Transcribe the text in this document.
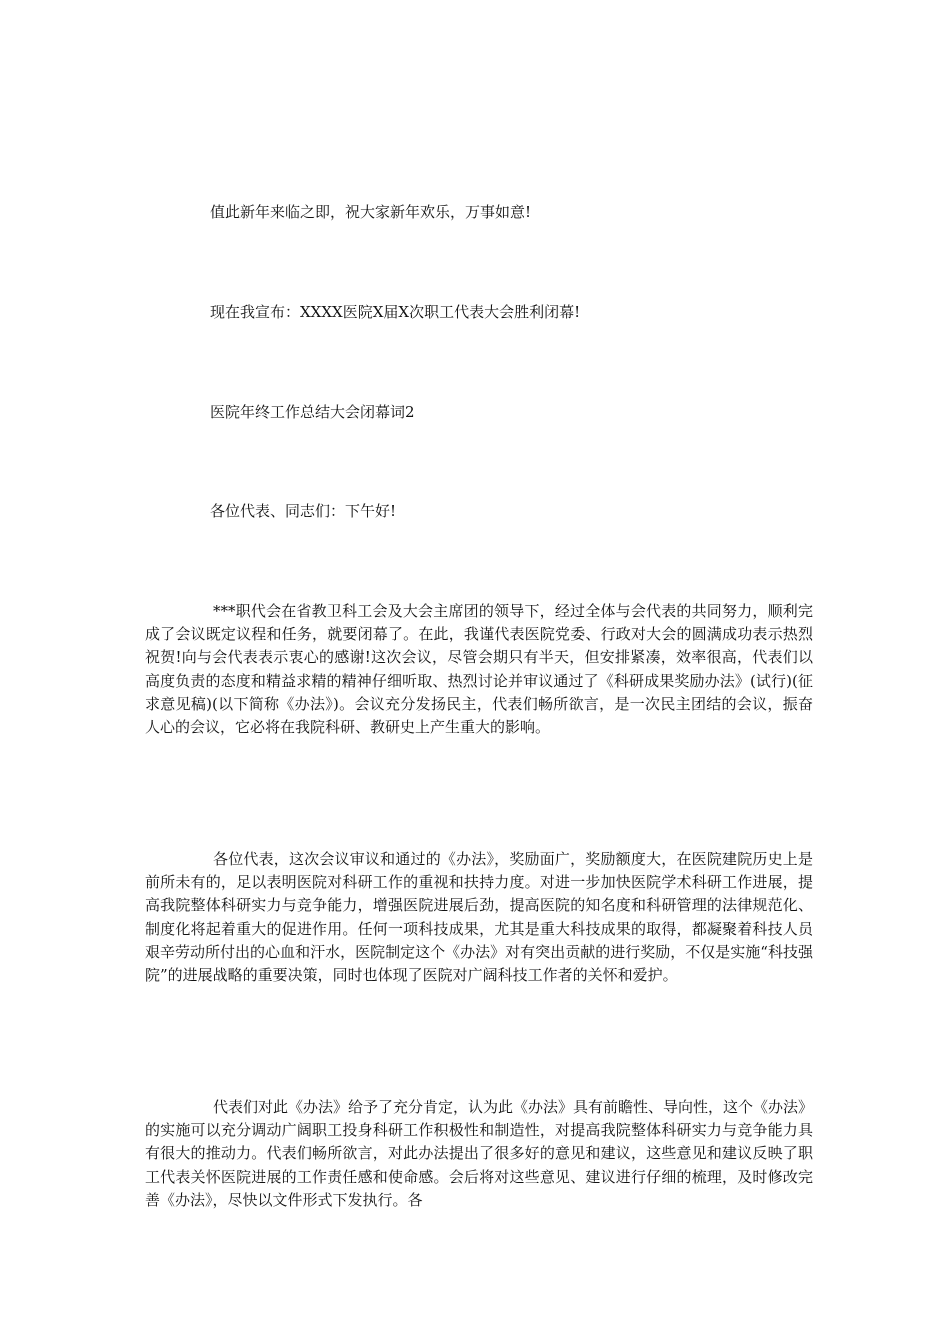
值此新年来临之即，祝大家新年欢乐，万事如意!
现在我宣布：XXXX医院X届X次职工代表大会胜利闭幕!
医院年终工作总结大会闭幕词2
各位代表、同志们：下午好!

***职代会在省教卫科工会及大会主席团的领导下，经过全体与会代表的共同努力，顺利完成了会议既定议程和任务，就要闭幕了。在此，我谨代表医院党委、行政对大会的圆满成功表示热烈祝贺!向与会代表表示衷心的感谢!这次会议，尽管会期只有半天，但安排紧凑，效率很高，代表们以高度负责的态度和精益求精的精神仔细听取、热烈讨论并审议通过了《科研成果奖励办法》(试行)(征求意见稿)(以下简称《办法》)。会议充分发扬民主，代表们畅所欲言，是一次民主团结的会议，振奋人心的会议，它必将在我院科研、教研史上产生重大的影响。

各位代表，这次会议审议和通过的《办法》，奖励面广，奖励额度大，在医院建院历史上是前所未有的，足以表明医院对科研工作的重视和扶持力度。对进一步加快医院学术科研工作进展，提高我院整体科研实力与竞争能力，增强医院进展后劲，提高医院的知名度和科研管理的法律规范化、制度化将起着重大的促进作用。任何一项科技成果，尤其是重大科技成果的取得，都凝聚着科技人员艰辛劳动所付出的心血和汗水，医院制定这个《办法》对有突出贡献的进行奖励，不仅是实施“科技强院”的进展战略的重要决策，同时也体现了医院对广阔科技工作者的关怀和爱护。

代表们对此《办法》给予了充分肯定，认为此《办法》具有前瞻性、导向性，这个《办法》的实施可以充分调动广阔职工投身科研工作积极性和制造性，对提高我院整体科研实力与竞争能力具有很大的推动力。代表们畅所欲言，对此办法提出了很多好的意见和建议，这些意见和建议反映了职工代表关怀医院进展的工作责任感和使命感。会后将对这些意见、建议进行仔细的梳理，及时修改完善《办法》，尽快以文件形式下发执行。各
